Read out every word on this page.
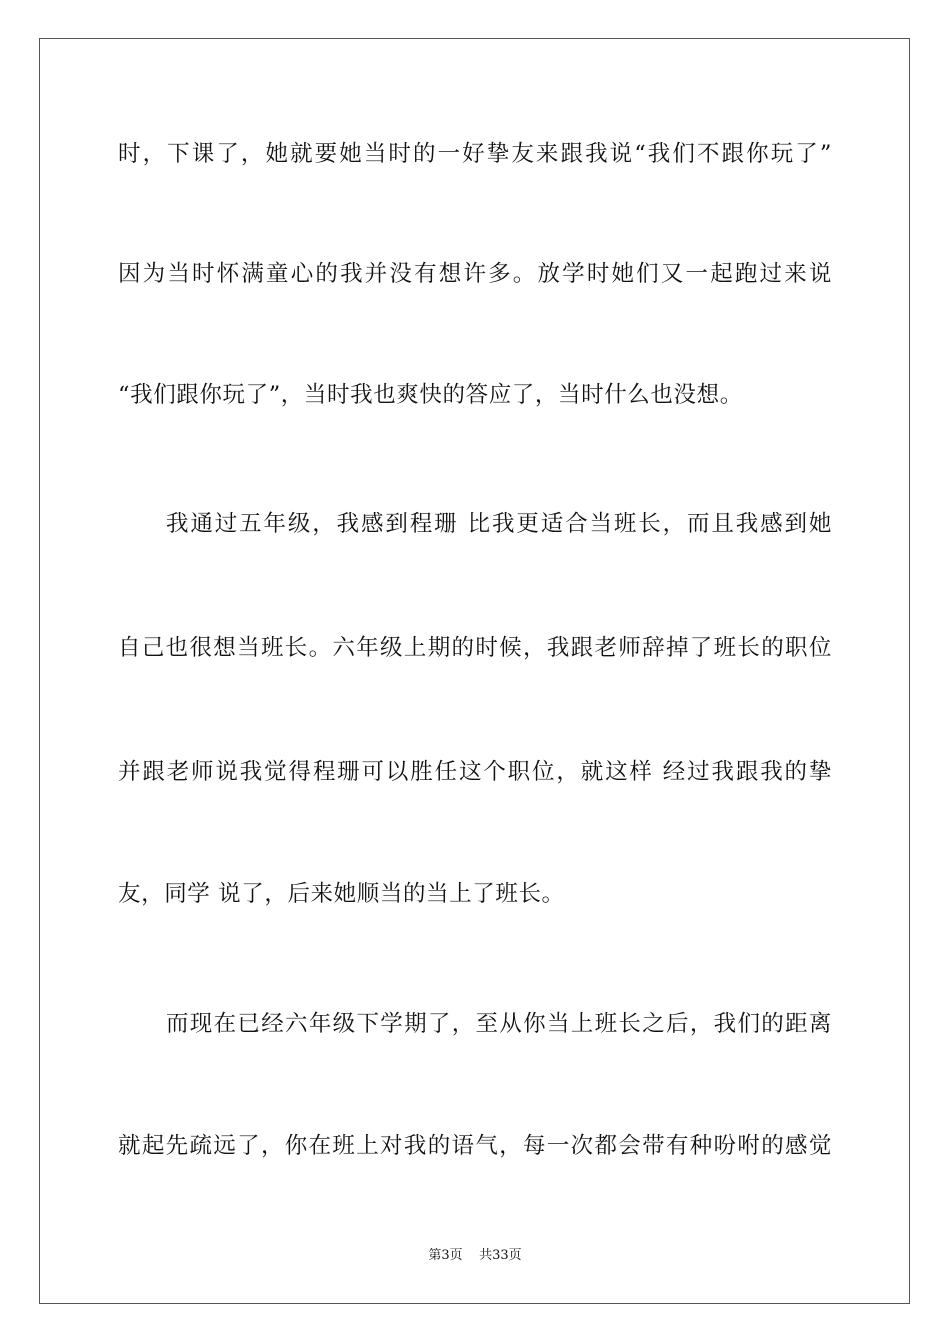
时，下课了，她就要她当时的一好挚友来跟我说“我们不跟你玩了”
因为当时怀满童心的我并没有想许多。放学时她们又一起跑过来说
“我们跟你玩了”，当时我也爽快的答应了，当时什么也没想。
我通过五年级，我感到程珊 比我更适合当班长，而且我感到她
自己也很想当班长。六年级上期的时候，我跟老师辞掉了班长的职位
并跟老师说我觉得程珊可以胜任这个职位，就这样 经过我跟我的挚
友，同学 说了，后来她顺当的当上了班长。
而现在已经六年级下学期了，至从你当上班长之后，我们的距离
就起先疏远了，你在班上对我的语气，每一次都会带有种吩咐的感觉
第3页 共33页
